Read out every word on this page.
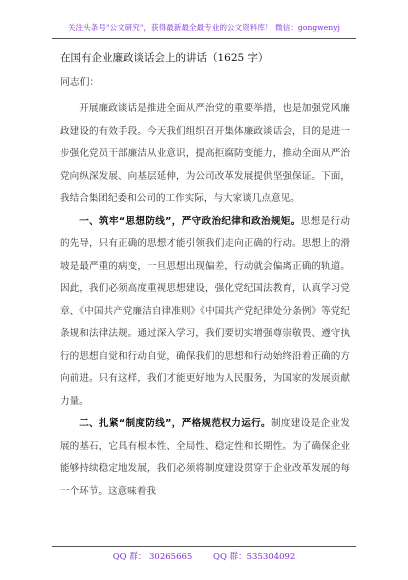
关注头条号"公文研究"，获得最新最全最专业的公文资料库！ 微信：gongwenyj
在国有企业廉政谈话会上的讲话（1625 字）
同志们：

开展廉政谈话是推进全面从严治党的重要举措，也是加强党风廉政建设的有效手段。今天我们组织召开集体廉政谈话会，目的是进一步强化党员干部廉洁从业意识，提高拒腐防变能力，推动全面从严治党向纵深发展、向基层延伸，为公司改革发展提供坚强保证。下面，我结合集团纪委和公司的工作实际，与大家谈几点意见。

一、筑牢“思想防线”，严守政治纪律和政治规矩。思想是行动的先导，只有正确的思想才能引领我们走向正确的行动。思想上的滑坡是最严重的病变，一旦思想出现偏差，行动就会偏离正确的轨道。因此，我们必须高度重视思想建设，强化党纪国法教育，认真学习党章、《中国共产党廉洁自律准则》《中国共产党纪律处分条例》等党纪条规和法律法规。通过深入学习，我们要切实增强尊崇敬畏、遵守执行的思想自觉和行动自觉，确保我们的思想和行动始终沿着正确的方向前进。只有这样，我们才能更好地为人民服务，为国家的发展贡献力量。

二、扎紧“制度防线”，严格规范权力运行。制度建设是企业发展的基石，它具有根本性、全局性、稳定性和长期性。为了确保企业能够持续稳定地发展，我们必须将制度建设贯穿于企业改革发展的每一个环节。这意味着我

QQ 群： 30265665 QQ 群：535304092
